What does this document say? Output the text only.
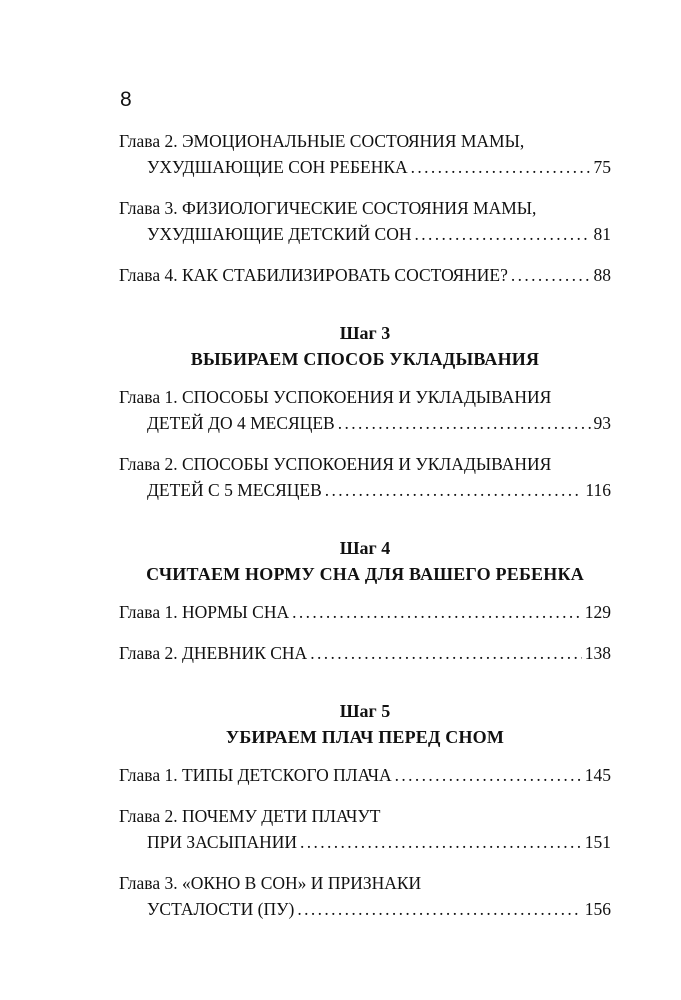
8
Глава 2. ЭМОЦИОНАЛЬНЫЕ СОСТОЯНИЯ МАМЫ,
УХУДШАЮЩИЕ СОН РЕБЕНКА . . .	75
Глава 3. ФИЗИОЛОГИЧЕСКИЕ СОСТОЯНИЯ МАМЫ,
УХУДШАЮЩИЕ ДЕТСКИЙ СОН . . .	81
Глава 4. КАК СТАБИЛИЗИРОВАТЬ СОСТОЯНИЕ? . . .	88
Шаг 3
ВЫБИРАЕМ СПОСОБ УКЛАДЫВАНИЯ
Глава 1. СПОСОБЫ УСПОКОЕНИЯ И УКЛАДЫВАНИЯ
ДЕТЕЙ ДО 4 МЕСЯЦЕВ . . .	93
Глава 2. СПОСОБЫ УСПОКОЕНИЯ И УКЛАДЫВАНИЯ
ДЕТЕЙ С 5 МЕСЯЦЕВ . . .	116
Шаг 4
СЧИТАЕМ НОРМУ СНА ДЛЯ ВАШЕГО РЕБЕНКА
Глава 1. НОРМЫ СНА . . .	129
Глава 2. ДНЕВНИК СНА . . .	138
Шаг 5
УБИРАЕМ ПЛАЧ ПЕРЕД СНОМ
Глава 1. ТИПЫ ДЕТСКОГО ПЛАЧА . . .	145
Глава 2. ПОЧЕМУ ДЕТИ ПЛАЧУТ
ПРИ ЗАСЫПАНИИ . . .	151
Глава 3. «ОКНО В СОН» И ПРИЗНАКИ
УСТАЛОСТИ (ПУ) . . .	156
